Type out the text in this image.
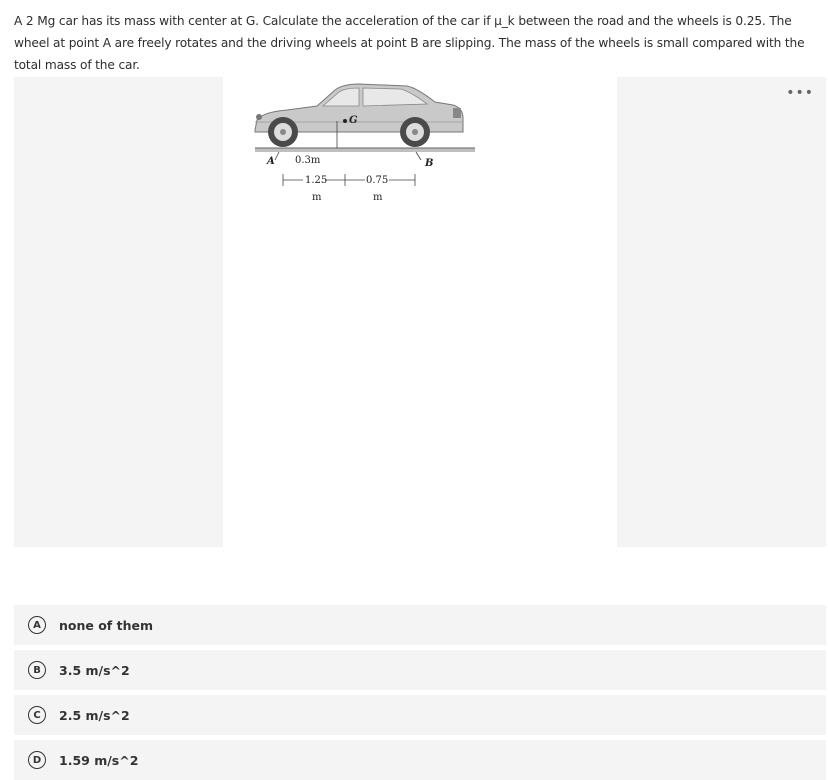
A 2 Mg car has its mass with center at G. Calculate the acceleration of the car if μ_k between the road and the wheels is 0.25. The wheel at point A are freely rotates and the driving wheels at point B are slipping. The mass of the wheels is small compared with the total mass of the car.
•••
G
A	B
0.3m
1.25
m
0.75
m
A	none of them
B	3.5 m/s^2
C	2.5 m/s^2
D	1.59 m/s^2
